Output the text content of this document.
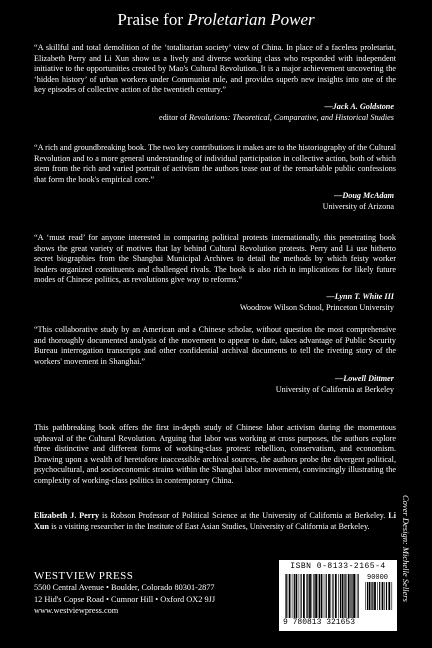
Praise for Proletarian Power
“A skillful and total demolition of the ‘totalitarian society’ view of China. In place of a faceless proletariat, Elizabeth Perry and Li Xun show us a lively and diverse working class who responded with independent initiative to the opportunities created by Mao's Cultural Revolution. It is a major achievement uncovering the ‘hidden history’ of urban workers under Communist rule, and provides superb new insights into one of the key episodes of collective action of the twentieth century.”
—Jack A. Goldstone
editor of Revolutions: Theoretical, Comparative, and Historical Studies
“A rich and groundbreaking book. The two key contributions it makes are to the historiography of the Cultural Revolution and to a more general understanding of individual participation in collective action, both of which stem from the rich and varied portrait of activism the authors tease out of the remarkable public confessions that form the book's empirical core.”
—Doug McAdam
University of Arizona
“A ‘must read’ for anyone interested in comparing political protests internationally, this penetrating book shows the great variety of motives that lay behind Cultural Revolution protests. Perry and Li use hitherto secret biographies from the Shanghai Municipal Archives to detail the methods by which feisty worker leaders organized constituents and challenged rivals. The book is also rich in implications for likely future modes of Chinese politics, as revolutions give way to reforms.”
—Lynn T. White III
Woodrow Wilson School, Princeton University
“This collaborative study by an American and a Chinese scholar, without question the most comprehensive and thoroughly documented analysis of the movement to appear to date, takes advantage of Public Security Bureau interrogation transcripts and other confidential archival documents to tell the riveting story of the workers' movement in Shanghai.”
—Lowell Dittmer
University of California at Berkeley
This pathbreaking book offers the first in-depth study of Chinese labor activism during the momentous upheaval of the Cultural Revolution. Arguing that labor was working at cross purposes, the authors explore three distinctive and different forms of working-class protest: rebellion, conservatism, and economism. Drawing upon a wealth of heretofore inaccessible archival sources, the authors probe the divergent political, psychocultural, and socioeconomic strains within the Shanghai labor movement, convincingly illustrating the complexity of working-class politics in contemporary China.
Elizabeth J. Perry is Robson Professor of Political Science at the University of California at Berkeley. Li Xun is a visiting researcher in the Institute of East Asian Studies, University of California at Berkeley.	Cover Design: Michelle Sellers
WESTVIEW PRESS
5500 Central Avenue • Boulder, Colorado 80301-2877
12 Hid's Copse Road • Cumnor Hill • Oxford OX2 9JJ
www.westviewpress.com
ISBN 0-8133-2165-4
90000
9 780813 321653
